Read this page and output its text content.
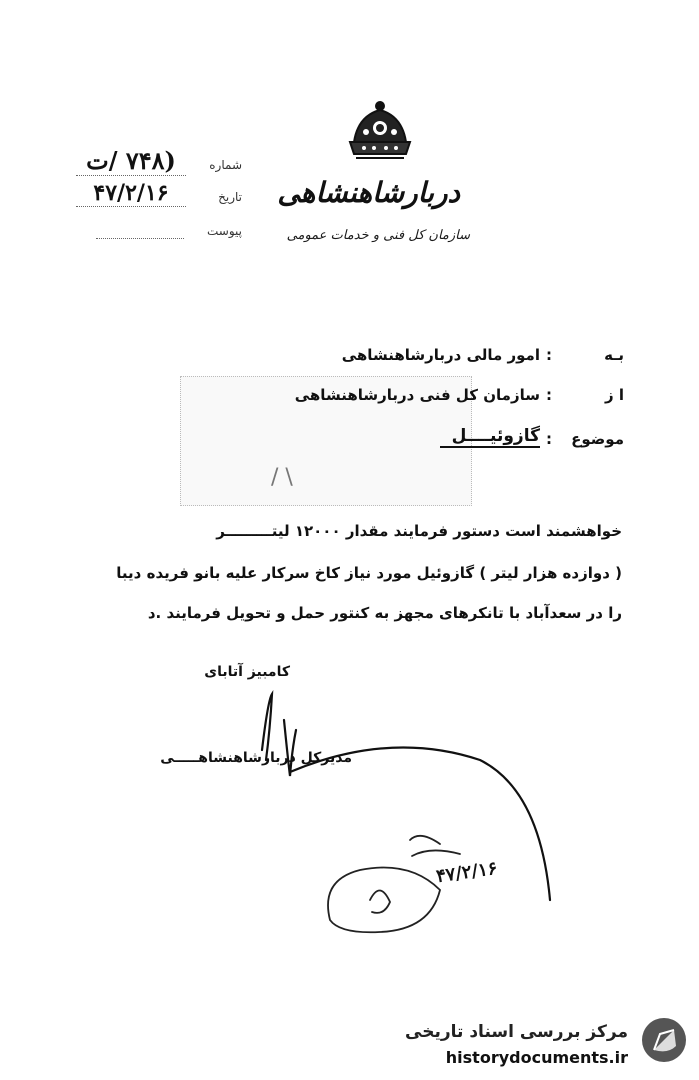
دربارشاهنشاهی
سازمان کل فنی و خدمات عمومی
شماره
(۷۴۸ /ت
تاریخ
۴۷/۲/۱۶
پیوست
/ \
بـه
:
امور مالی دربارشاهنشاهی
ا ز
:
سازمان کل فنی دربارشاهنشاهی
موضوع
:
گازوئیــــل
خواهشمند است دستور فرمایند مقدار ۱۲۰۰۰ لیتـــــــــر
( دوازده هزار لیتر ) گازوئیل مورد نیاز کاخ سرکار علیه بانو فریده دیبا
را در سعدآباد با تانکرهای مجهز به کنتور حمل و تحویل فرمایند .د
کامبیز آتابای
مدیرکل دربارشاهنشاهـــــی
۴۷/۲/۱۶
مرکز بررسی اسناد تاریخی
historydocuments.ir
